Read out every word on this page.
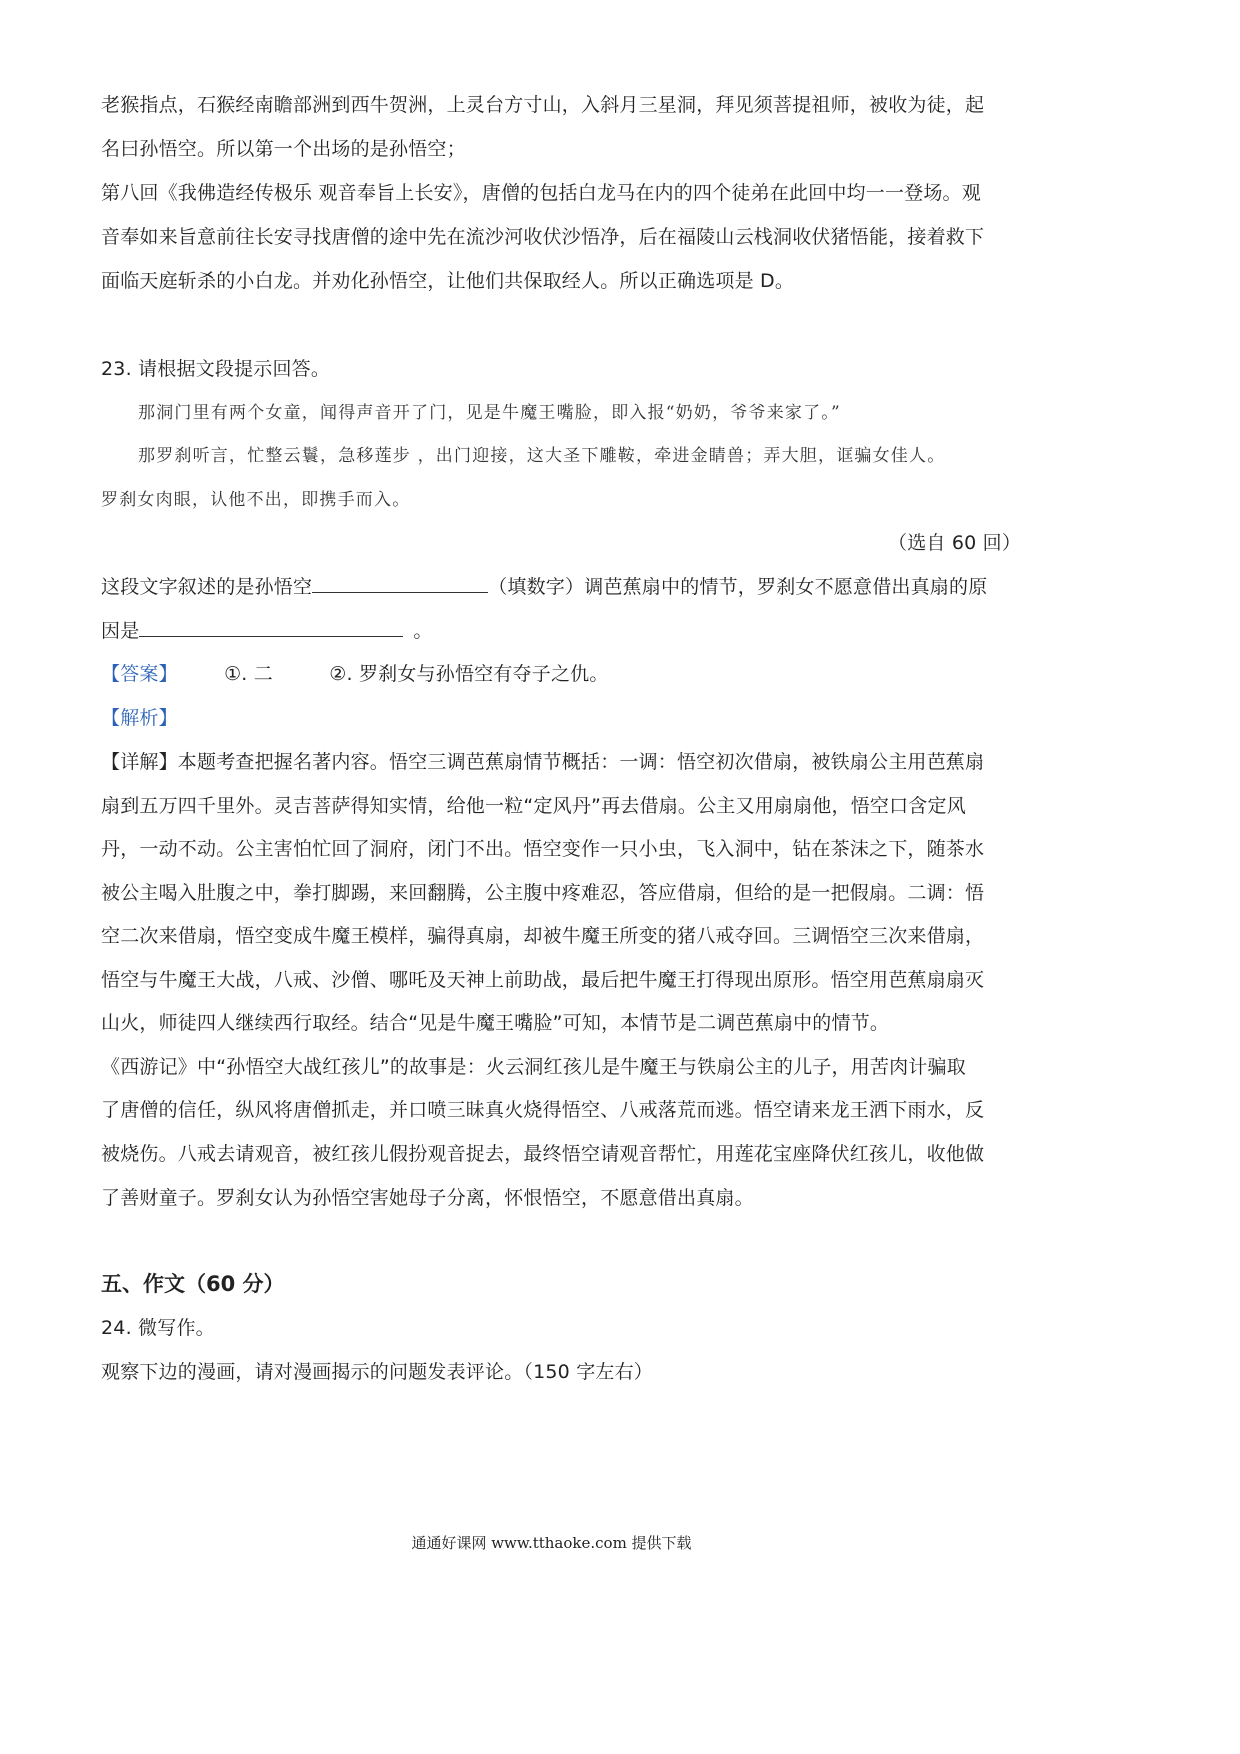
老猴指点，石猴经南瞻部洲到西牛贺洲，上灵台方寸山，入斜月三星洞，拜见须菩提祖师，被收为徒，起
名曰孙悟空。所以第一个出场的是孙悟空；
第八回《我佛造经传极乐 观音奉旨上长安》，唐僧的包括白龙马在内的四个徒弟在此回中均一一登场。观
音奉如来旨意前往长安寻找唐僧的途中先在流沙河收伏沙悟净，后在福陵山云栈洞收伏猪悟能，接着救下
面临天庭斩杀的小白龙。并劝化孙悟空，让他们共保取经人。所以正确选项是 D。
23. 请根据文段提示回答。
那洞门里有两个女童，闻得声音开了门，见是牛魔王嘴脸，即入报“奶奶，爷爷来家了。”
那罗刹听言，忙整云鬟，急移莲步 ，出门迎接，这大圣下雕鞍，牵进金睛兽；弄大胆，诓骗女佳人。
罗刹女肉眼，认他不出，即携手而入。
（选自 60 回）
这段文字叙述的是孙悟空	（填数字）调芭蕉扇中的情节，罗刹女不愿意借出真扇的原
因是	。
【答案】 ①. 二	②. 罗刹女与孙悟空有夺子之仇。
【解析】
【详解】本题考查把握名著内容。悟空三调芭蕉扇情节概括：一调：悟空初次借扇，被铁扇公主用芭蕉扇
扇到五万四千里外。灵吉菩萨得知实情，给他一粒“定风丹”再去借扇。公主又用扇扇他，悟空口含定风
丹，一动不动。公主害怕忙回了洞府，闭门不出。悟空变作一只小虫，飞入洞中，钻在茶沫之下，随茶水
被公主喝入肚腹之中，拳打脚踢，来回翻腾，公主腹中疼难忍，答应借扇，但给的是一把假扇。二调：悟
空二次来借扇，悟空变成牛魔王模样，骗得真扇，却被牛魔王所变的猪八戒夺回。三调悟空三次来借扇，
悟空与牛魔王大战，八戒、沙僧、哪吒及天神上前助战，最后把牛魔王打得现出原形。悟空用芭蕉扇扇灭
山火，师徒四人继续西行取经。结合“见是牛魔王嘴脸”可知，本情节是二调芭蕉扇中的情节。
《西游记》中“孙悟空大战红孩儿”的故事是：火云洞红孩儿是牛魔王与铁扇公主的儿子，用苦肉计骗取
了唐僧的信任，纵风将唐僧抓走，并口喷三昧真火烧得悟空、八戒落荒而逃。悟空请来龙王洒下雨水，反
被烧伤。八戒去请观音，被红孩儿假扮观音捉去，最终悟空请观音帮忙，用莲花宝座降伏红孩儿，收他做
了善财童子。罗刹女认为孙悟空害她母子分离，怀恨悟空，不愿意借出真扇。
五、作文（60 分）
24. 微写作。
观察下边的漫画，请对漫画揭示的问题发表评论。（150 字左右）
通通好课网 www.tthaoke.com 提供下载
